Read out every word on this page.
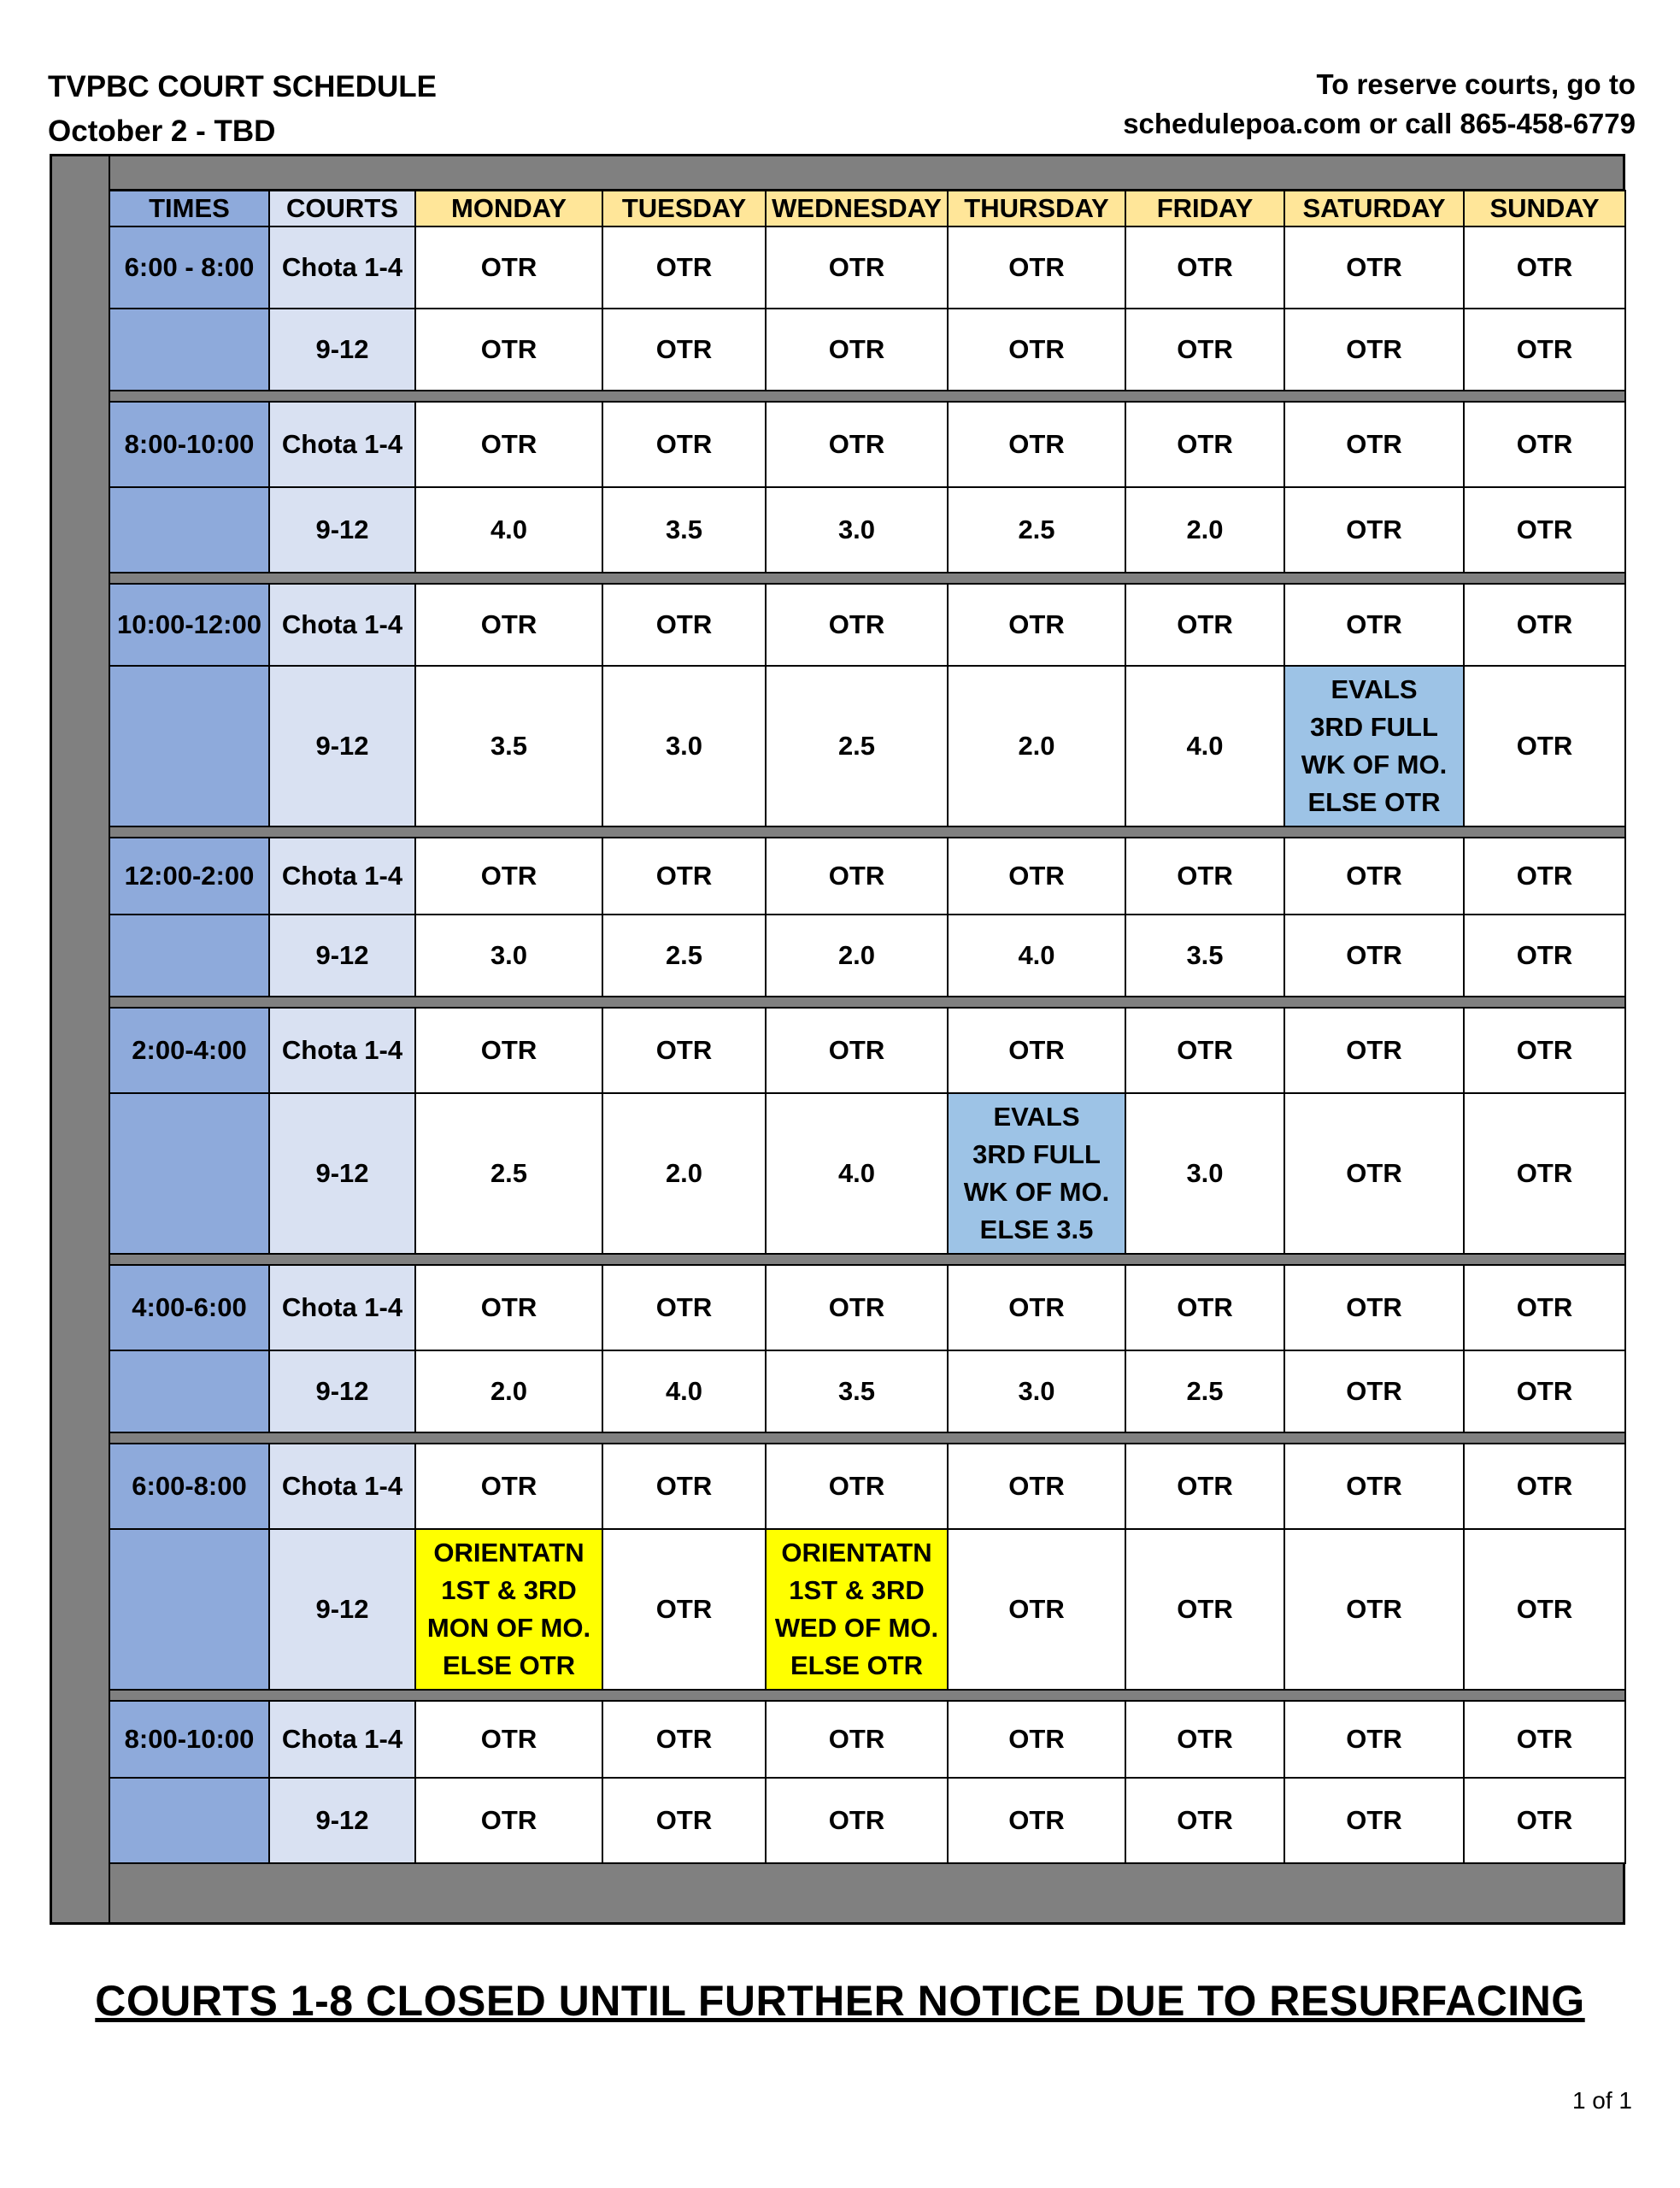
TVPBC COURT SCHEDULE
October 2 - TBD
To reserve courts, go to
schedulepoa.com or call 865-458-6779
TIMES	COURTS	MONDAY	TUESDAY	WEDNESDAY	THURSDAY	FRIDAY	SATURDAY	SUNDAY
6:00 - 8:00	Chota 1-4	OTR	OTR	OTR	OTR	OTR	OTR	OTR
	9-12	OTR	OTR	OTR	OTR	OTR	OTR	OTR

8:00-10:00	Chota 1-4	OTR	OTR	OTR	OTR	OTR	OTR	OTR
	9-12	4.0	3.5	3.0	2.5	2.0	OTR	OTR

10:00-12:00	Chota 1-4	OTR	OTR	OTR	OTR	OTR	OTR	OTR
	9-12	3.5	3.0	2.5	2.0	4.0	EVALS
3RD FULL
WK OF MO.
ELSE OTR	OTR

12:00-2:00	Chota 1-4	OTR	OTR	OTR	OTR	OTR	OTR	OTR
	9-12	3.0	2.5	2.0	4.0	3.5	OTR	OTR

2:00-4:00	Chota 1-4	OTR	OTR	OTR	OTR	OTR	OTR	OTR
	9-12	2.5	2.0	4.0	EVALS
3RD FULL
WK OF MO.
ELSE 3.5	3.0	OTR	OTR

4:00-6:00	Chota 1-4	OTR	OTR	OTR	OTR	OTR	OTR	OTR
	9-12	2.0	4.0	3.5	3.0	2.5	OTR	OTR

6:00-8:00	Chota 1-4	OTR	OTR	OTR	OTR	OTR	OTR	OTR
	9-12	ORIENTATN
1ST & 3RD
MON OF MO.
ELSE OTR	OTR	ORIENTATN
1ST & 3RD
WED OF MO.
ELSE OTR	OTR	OTR	OTR	OTR

8:00-10:00	Chota 1-4	OTR	OTR	OTR	OTR	OTR	OTR	OTR
	9-12	OTR	OTR	OTR	OTR	OTR	OTR	OTR
COURTS 1-8 CLOSED UNTIL FURTHER NOTICE DUE TO RESURFACING
1 of 1
